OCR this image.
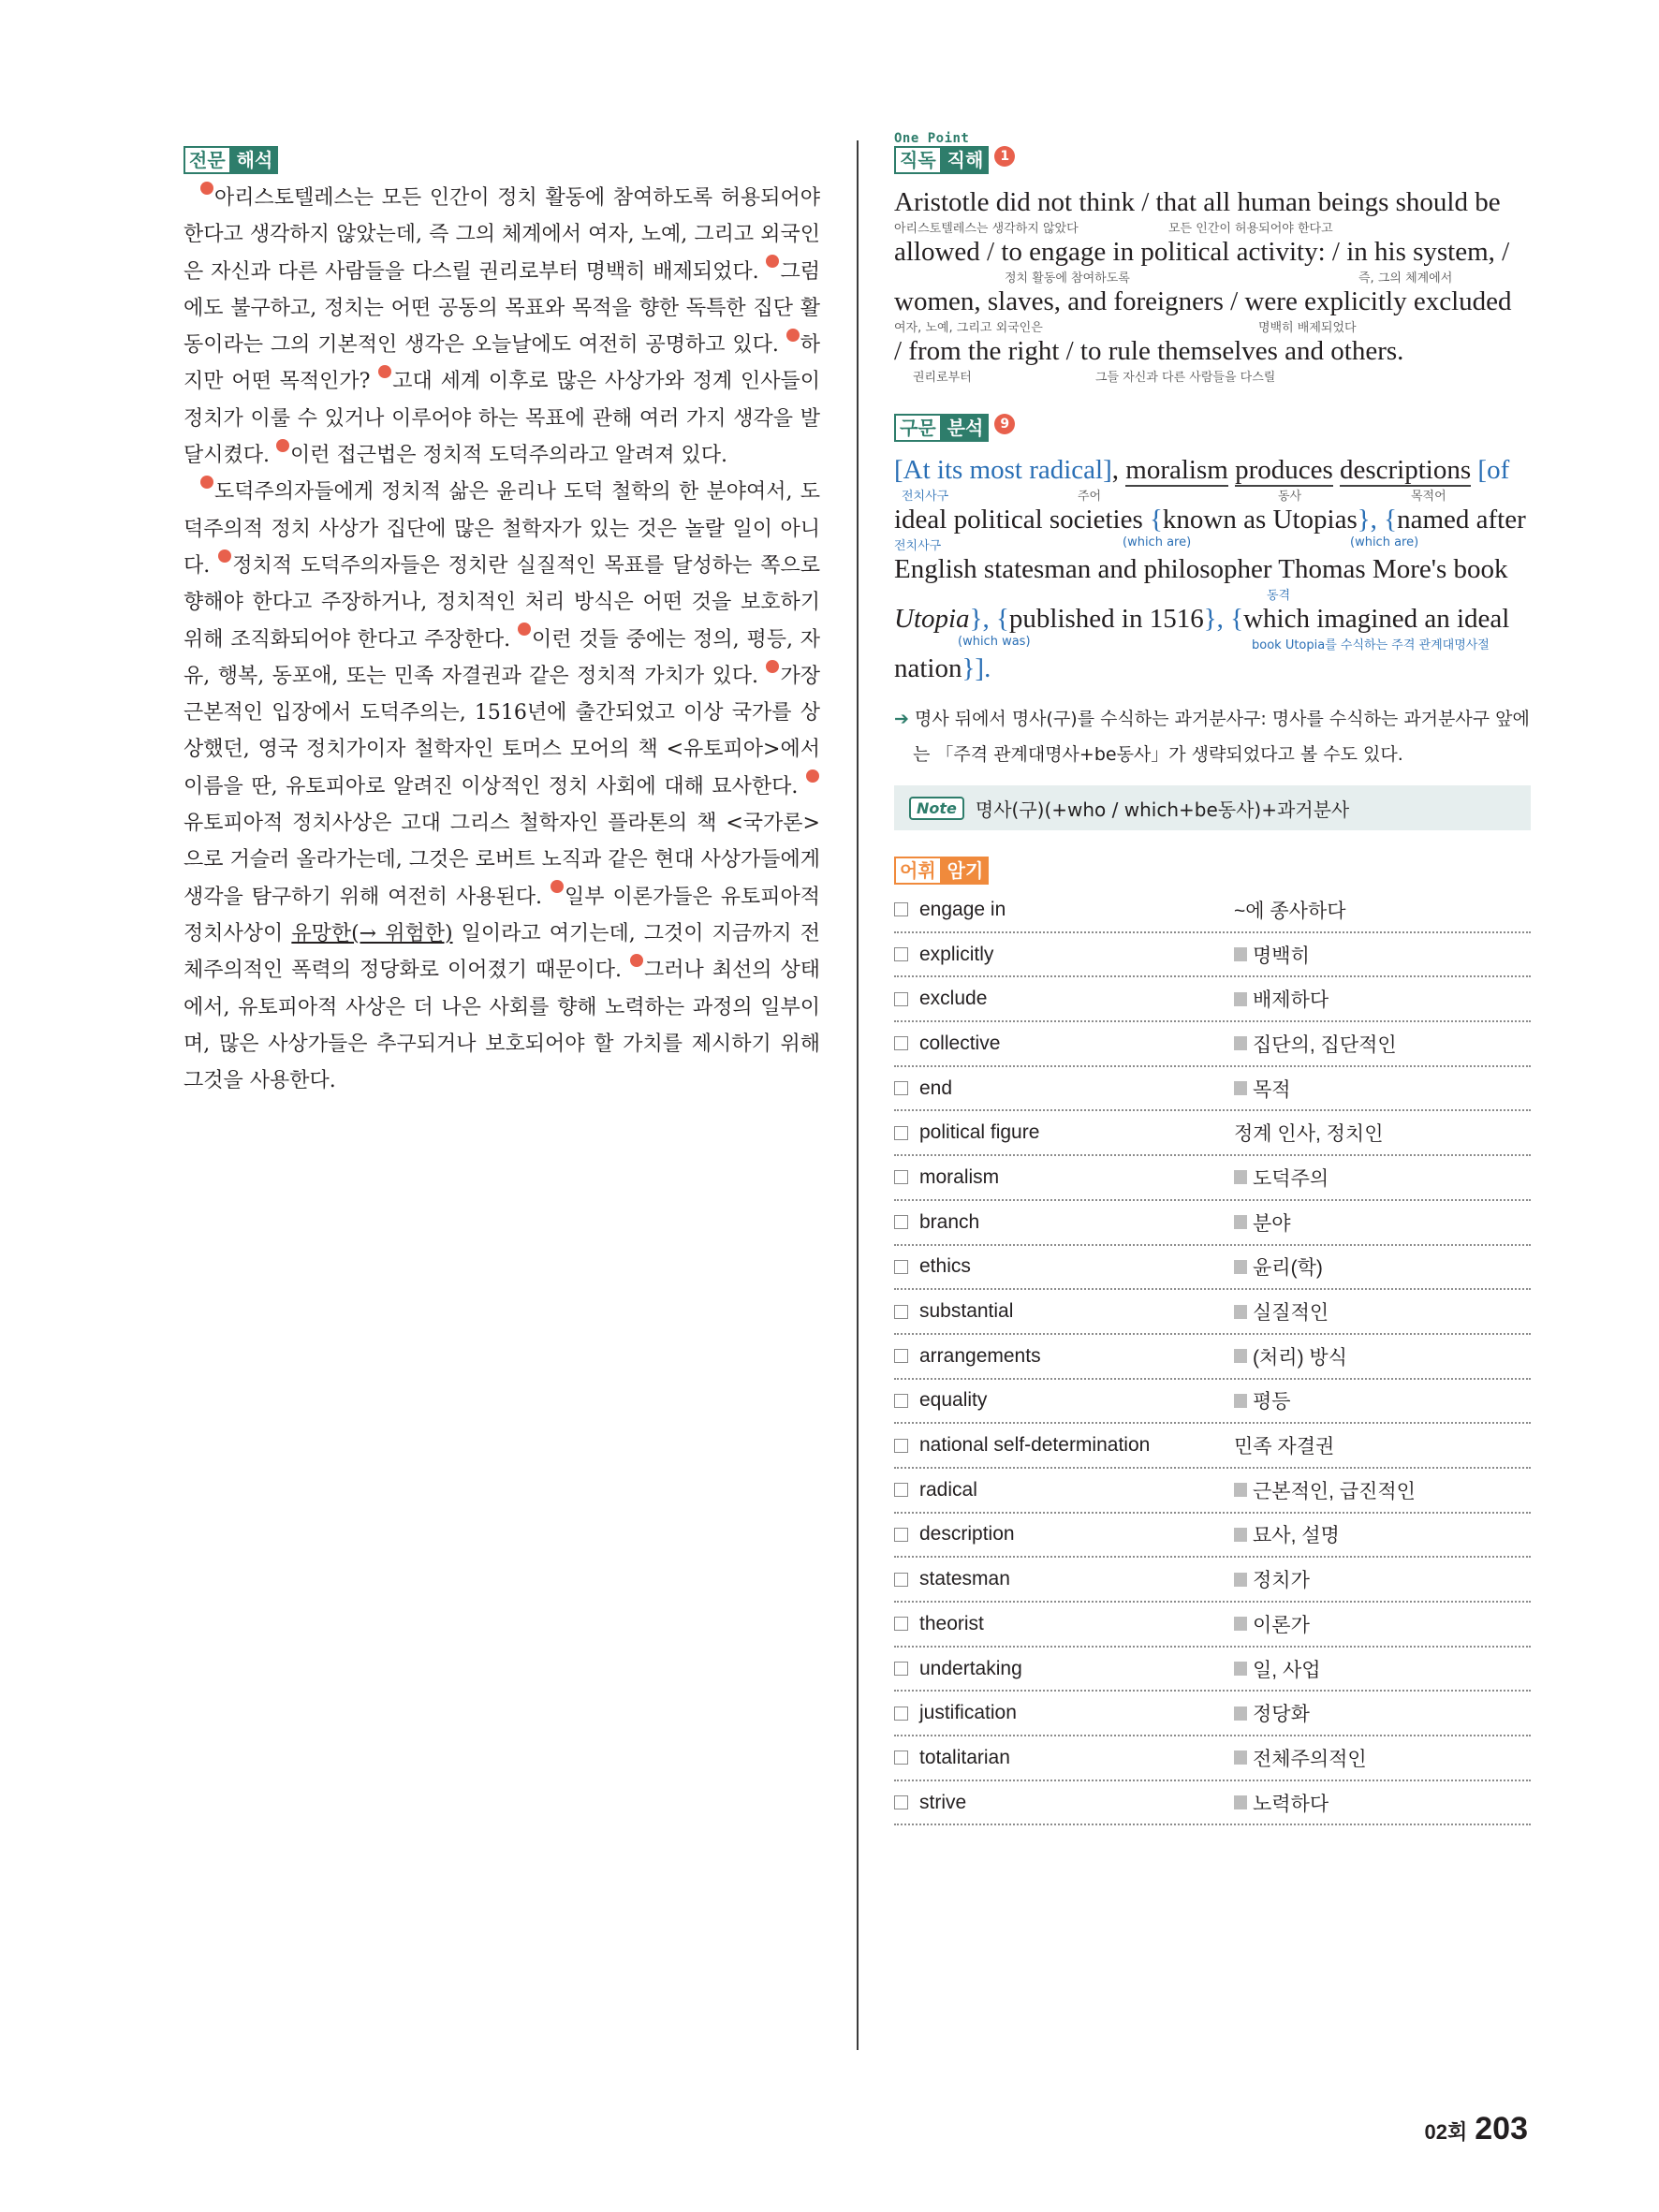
전문 해석

아리스토텔레스는 모든 인간이 정치 활동에 참여하도록 허용되어야 한다고 생각하지 않았는데, 즉 그의 체계에서 여자, 노예, 그리고 외국인은 자신과 다른 사람들을 다스릴 권리로부터 명백히 배제되었다. 그럼에도 불구하고, 정치는 어떤 공동의 목표와 목적을 향한 독특한 집단 활동이라는 그의 기본적인 생각은 오늘날에도 여전히 공명하고 있다. 하지만 어떤 목적인가? 고대 세계 이후로 많은 사상가와 정계 인사들이 정치가 이룰 수 있거나 이루어야 하는 목표에 관해 여러 가지 생각을 발달시켰다. 이런 접근법은 정치적 도덕주의라고 알려져 있다.

도덕주의자들에게 정치적 삶은 윤리나 도덕 철학의 한 분야여서, 도덕주의적 정치 사상가 집단에 많은 철학자가 있는 것은 놀랄 일이 아니다. 정치적 도덕주의자들은 정치란 실질적인 목표를 달성하는 쪽으로 향해야 한다고 주장하거나, 정치적인 처리 방식은 어떤 것을 보호하기 위해 조직화되어야 한다고 주장한다. 이런 것들 중에는 정의, 평등, 자유, 행복, 동포애, 또는 민족 자결권과 같은 정치적 가치가 있다. 가장 근본적인 입장에서 도덕주의는, 1516년에 출간되었고 이상 국가를 상상했던, 영국 정치가이자 철학자인 토머스 모어의 책 <유토피아>에서 이름을 딴, 유토피아로 알려진 이상적인 정치 사회에 대해 묘사한다. 유토피아적 정치사상은 고대 그리스 철학자인 플라톤의 책 <국가론>으로 거슬러 올라가는데, 그것은 로버트 노직과 같은 현대 사상가들에게 생각을 탐구하기 위해 여전히 사용된다. 일부 이론가들은 유토피아적 정치사상이 유망한(→ 위험한) 일이라고 여기는데, 그것이 지금까지 전체주의적인 폭력의 정당화로 이어졌기 때문이다. 그러나 최선의 상태에서, 유토피아적 사상은 더 나은 사회를 향해 노력하는 과정의 일부이며, 많은 사상가들은 추구되거나 보호되어야 할 가치를 제시하기 위해 그것을 사용한다.

One Point
직독 직해	1
Aristotle did not think / that all human beings should be
아리스토텔레스는 생각하지 않았다	모든 인간이 허용되어야 한다고
allowed / to engage in political activity: / in his system, /
정치 활동에 참여하도록	즉, 그의 체계에서
women, slaves, and foreigners / were explicitly excluded
여자, 노예, 그리고 외국인은	명백히 배제되었다
/ from the right / to rule themselves and others.
권리로부터	그들 자신과 다른 사람들을 다스릴
구문 분석	9
[At its most radical], moralism produces descriptions [of
전치사구	주어	동사	목적어
ideal political societies {known as Utopias}, {named after
전치사구	(which are)	(which are)
English statesman and philosopher Thomas More's book
동격
Utopia}, {published in 1516}, {which imagined an ideal
(which was)	book Utopia를 수식하는 주격 관계대명사절
nation}].
➔ 명사 뒤에서 명사(구)를 수식하는 과거분사구: 명사를 수식하는 과거분사구 앞에
는 「주격 관계대명사+be동사」가 생략되었다고 볼 수도 있다.
Note	명사(구)(+who / which+be동사)+과거분사
어휘 암기
engage in	~에 종사하다
explicitly	명백히
exclude	배제하다
collective	집단의, 집단적인
end	목적
political figure	정계 인사, 정치인
moralism	도덕주의
branch	분야
ethics	윤리(학)
substantial	실질적인
arrangements	(처리) 방식
equality	평등
national self-determination	민족 자결권
radical	근본적인, 급진적인
description	묘사, 설명
statesman	정치가
theorist	이론가
undertaking	일, 사업
justification	정당화
totalitarian	전체주의적인
strive	노력하다
02회 203
